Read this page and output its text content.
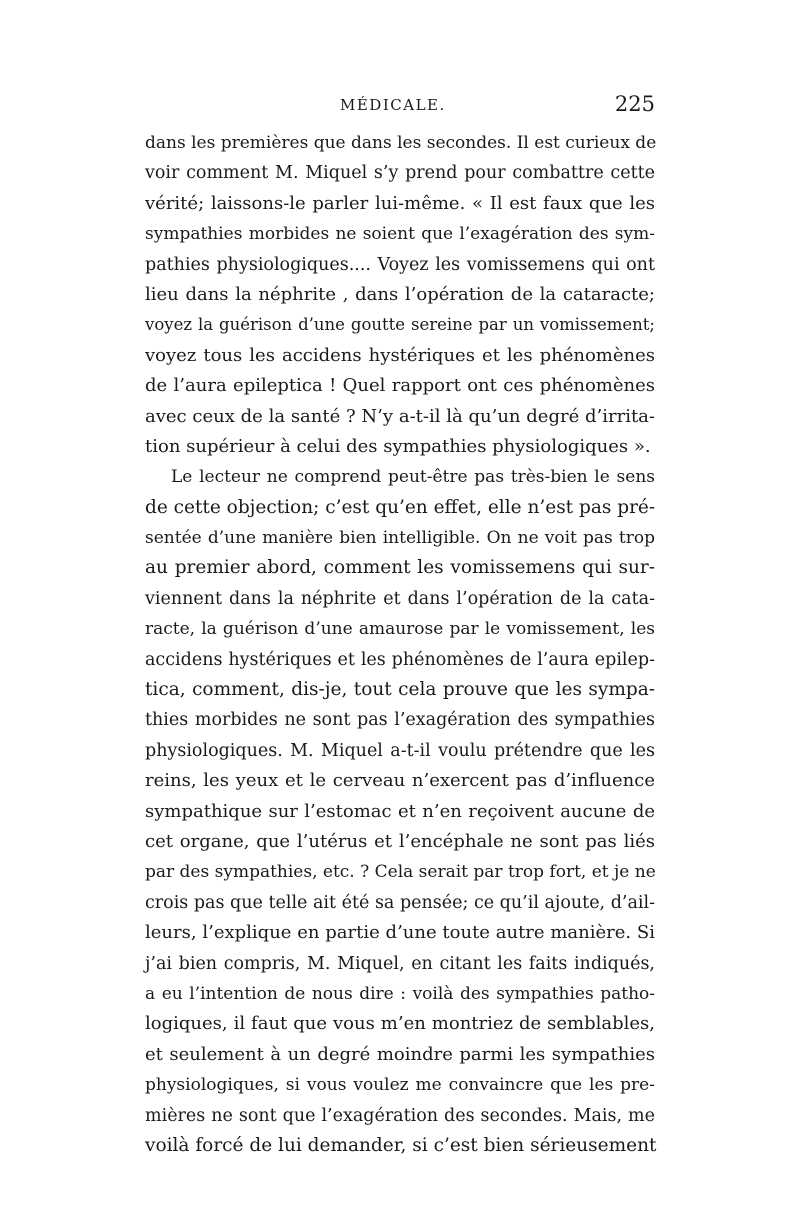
MÉDICALE.	225
dans les premières que dans les secondes. Il est curieux de
voir comment M. Miquel s’y prend pour combattre cette
vérité; laissons-le parler lui-même. « Il est faux que les
sympathies morbides ne soient que l’exagération des sym-
pathies physiologiques.... Voyez les vomissemens qui ont
lieu dans la néphrite , dans l’opération de la cataracte;
voyez la guérison d’une goutte sereine par un vomissement;
voyez tous les accidens hystériques et les phénomènes
de l’aura epileptica ! Quel rapport ont ces phénomènes
avec ceux de la santé ? N’y a-t-il là qu’un degré d’irrita-
tion supérieur à celui des sympathies physiologiques ».
Le lecteur ne comprend peut-être pas très-bien le sens
de cette objection; c’est qu’en effet, elle n’est pas pré-
sentée d’une manière bien intelligible. On ne voit pas trop
au premier abord, comment les vomissemens qui sur-
viennent dans la néphrite et dans l’opération de la cata-
racte, la guérison d’une amaurose par le vomissement, les
accidens hystériques et les phénomènes de l’aura epilep-
tica, comment, dis-je, tout cela prouve que les sympa-
thies morbides ne sont pas l’exagération des sympathies
physiologiques. M. Miquel a-t-il voulu prétendre que les
reins, les yeux et le cerveau n’exercent pas d’influence
sympathique sur l’estomac et n’en reçoivent aucune de
cet organe, que l’utérus et l’encéphale ne sont pas liés
par des sympathies, etc. ? Cela serait par trop fort, et je ne
crois pas que telle ait été sa pensée; ce qu’il ajoute, d’ail-
leurs, l’explique en partie d’une toute autre manière. Si
j’ai bien compris, M. Miquel, en citant les faits indiqués,
a eu l’intention de nous dire : voilà des sympathies patho-
logiques, il faut que vous m’en montriez de semblables,
et seulement à un degré moindre parmi les sympathies
physiologiques, si vous voulez me convaincre que les pre-
mières ne sont que l’exagération des secondes. Mais, me
voilà forcé de lui demander, si c’est bien sérieusement
